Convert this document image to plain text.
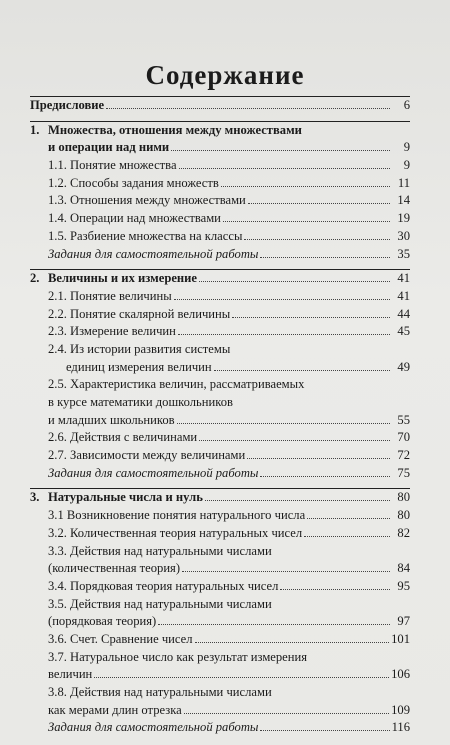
Содержание
Предисловие	6
1. Множества, отношения между множествами
и операции над ними	9
1.1. Понятие множества	9
1.2. Способы задания множеств	11
1.3. Отношения между множествами	14
1.4. Операции над множествами	19
1.5. Разбиение множества на классы	30
Задания для самостоятельной работы	35
2. Величины и их измерение	41
2.1. Понятие величины	41
2.2. Понятие скалярной величины	44
2.3. Измерение величин	45
2.4. Из истории развития системы
единиц измерения величин	49
2.5. Характеристика величин, рассматриваемых
в курсе математики дошкольников
и младших школьников	55
2.6. Действия с величинами	70
2.7. Зависимости между величинами	72
Задания для самостоятельной работы	75
3. Натуральные числа и нуль	80
3.1 Возникновение понятия натурального числа	80
3.2. Количественная теория натуральных чисел	82
3.3. Действия над натуральными числами
(количественная теория)	84
3.4. Порядковая теория натуральных чисел	95
3.5. Действия над натуральными числами
(порядковая теория)	97
3.6. Счет. Сравнение чисел	101
3.7. Натуральное число как результат измерения
величин	106
3.8. Действия над натуральными числами
как мерами длин отрезка	109
Задания для самостоятельной работы	116
